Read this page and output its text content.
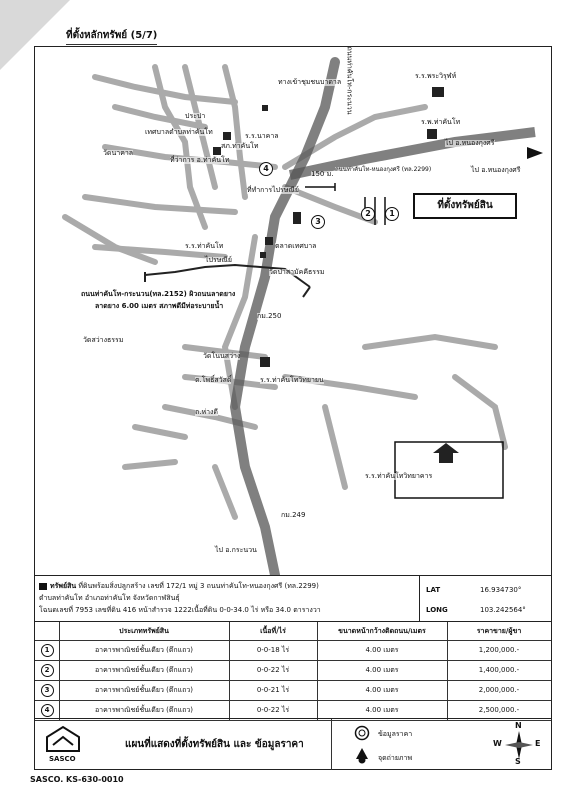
ที่ตั้งหลักทรัพย์ (5/7)
ทางเข้าชุมชนบาดาล
ร.ร.พระวิรุฬห์
ร.พ.ท่าคันโท
ไป อ.หนองกุงศรี
ถนนท่าคันโท-หนองกุงศรี (ทล.2299)
ประปา
เทศบาลตำบลท่าคันโท	ร.ร.นาคาล
วัดนาคาล
สภ.ท่าคันโท
ที่ว่าการ อ.ท่าคันโท
150 ม.
ที่ทำการไปรษณีย์
ตลาดเทศบาล
ร.ร.ท่าคันโท
ไปรษณีย์
วัดป่าสามัคคีธรรม
ถนนท่าคันโท-กระนวน(ทล.2152) ผิวถนนลาดยาง
ลาดยาง 6.00 เมตร สภาพดีมีท่อระบายน้ำ
กม.250
วัดสว่างธรรม
วัดโนนสว่าง
ต.โพธิ์สวัสดิ์	ร.ร.ท่าคันโทวิทยายน
ถ.ห่างดี
ร.ร.ท่าคันโทวิทยาคาร
กม.249
ไป อ.กระนวน
ถนนท่าคันโท-กระนวน
ไป อ.หนองกุงศรี
ที่ตั้งทรัพย์สิน
1
2
3
4
ทรัพย์สิน ที่ดินพร้อมสิ่งปลูกสร้าง เลขที่ 172/1 หมู่ 3 ถนนท่าคันโท-หนองกุงศรี (ทล.2299)
ตำบลท่าคันโท อำเภอท่าคันโท จังหวัดกาฬสินธุ์
โฉนดเลขที่ 7953 เลขที่ดิน 416 หน้าสำรวจ 1222เนื้อที่ดิน 0-0-34.0 ไร่ หรือ 34.0 ตารางวา
LAT	16.934730°
LONG	103.242564°
ประเภททรัพย์สิน	เนื้อที่/ไร่	ขนาดหน้ากว้างติดถนน/เมตร	ราคาขาย/ผู้ขา
1	อาคารพาณิชย์ชั้นเดียว (ตึกแถว)	0-0-18 ไร่	4.00 เมตร	1,200,000.-
2	อาคารพาณิชย์ชั้นเดียว (ตึกแถว)	0-0-22 ไร่	4.00 เมตร	1,400,000.-
3	อาคารพาณิชย์ชั้นเดียว (ตึกแถว)	0-0-21 ไร่	4.00 เมตร	2,000,000.-
4	อาคารพาณิชย์ชั้นเดียว (ตึกแถว)	0-0-22 ไร่	4.00 เมตร	2,500,000.-
SASCO
แผนที่แสดงที่ตั้งทรัพย์สิน และ ข้อมูลราคา
ข้อมูลราคา
จุดถ่ายภาพ
N
W	E
S
SASCO. KS-630-0010
